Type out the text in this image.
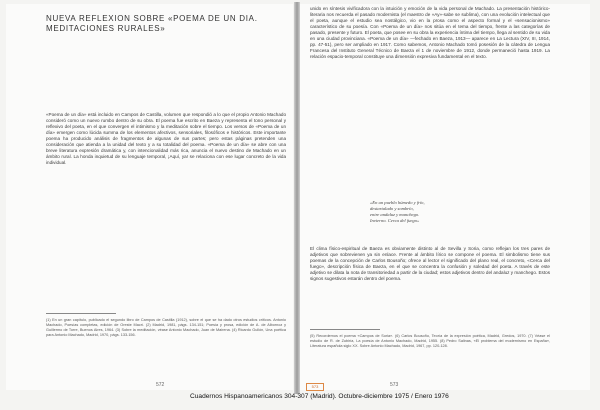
NUEVA REFLEXION SOBRE «POEMA DE UN DIA.
MEDITACIONES RURALES»
«Poema de un día» está incluido en Campos de Castilla, volumen que respondió a lo que el propio Antonio Machado consideró como un nuevo rumbo dentro de su obra. El poema fue escrito en Baeza y representa el tono personal y reflexivo del poeta, en el que convergen el intimismo y la meditación sobre el tiempo. Los versos de «Poema de un día» emergen como lúcida summa de los elementos afectivos, sensoriales, filosóficos e históricos. Este importante poema ha producido análisis de fragmentos de algunas de sus partes; pero estas páginas pretenden una consideración que atienda a la unidad del texto y a su totalidad del poema. «Poema de un día» se abre con una breve literatura expresión dramática y, con intencionalidad más rica, anuncia el nuevo destino de Machado en un ámbito rural. La honda inquietud de su lenguaje temporal, ¡Aquí, ya! se relaciona con ese lugar concreto de la vida individual.
(1) En un gran capítulo, publicado el segundo libro de Campos de Castilla (1912), sobre el que se ha dado otros estudios críticos. Antonio Machado, Poesías completas, edición de Oreste Macrí. (2) Madrid, 1981, págs. 134-151; Poesía y prosa, edición de A. de Albornoz y Guillermo de Torre, Buenos Aires, 1964. (3) Sobre la meditación, véase Antonio Machado, Juan de Mairena. (4) Ricardo Gullón, Una poética para Antonio Machado, Madrid, 1970, págs. 133-156.
572
unido en síntesis vivificadora con la intuición y emoción de la vida personal de Machado. La presentación histórico-literaria nos recuerda el pasado modernista (el maestro de «Ay»-sabe se sublima), con una evolución intelectual que el poeta, aunque el estudio sea nostálgico, vio en la prosa como el aspecto formal y el «sensacionismo» característico de su poesía. Con «Poema de un día» nos sitúa en el tema del tiempo, frente a las categorías de pasado, presente y futuro. El poeta, que posee en su obra la experiencia íntima del tiempo, llega al sentido de su vida en una ciudad provinciana. «Poema de un día» —fechado en Baeza, 1913— aparece en La Lectura (XIV, III, 1914, pp. 47-51), pero ser ampliado en 1917. Como sabemos, Antonio Machado tomó posesión de la cátedra de Lengua Francesa del Instituto General Técnico de Baeza el 1 de noviembre de 1912, donde permaneció hasta 1919. La relación espacio-temporal constituye una dimensión expresiva fundamental en el texto.
«En un pueblo húmedo y frío,
destartalado y sombrío,
entre andaluz y manchego.
Invierno. Cerca del fuego»
El clima físico-espiritual de Baeza es obviamente distinto al de Sevilla y Soria, como reflejan los tres pares de adjetivos que sobrevienen ya sin enlace. Frente al ámbito lírico se compone el poema. El simbolismo tiene sus poemas de la concepción de Carlos Bousoño; ofrece al lector el significado del plano real, el concreto, «Cerca del fuego», descripción física de Baeza, en el que se concentra la confusión y soledad del poeta. A través de este adjetivo se dilata la nota de transitoriedad a partir de la ciudad; estos adjetivos dentro del andaluz y manchego. Estos signos sugestivos estarán dentro del poema.
(5) Recordemos el poema «Campos de Soria». (6) Carlos Bousoño, Teoría de la expresión poética, Madrid, Gredos, 1970. (7) Véase el estudio de R. de Zubiría, La poesía de Antonio Machado, Madrid, 1955. (8) Pedro Salinas, «El problema del modernismo en España», Literatura española siglo XX. Sobre Antonio Machado, Madrid, 1967, pp. 120-128.
573
573
Cuadernos Hispanoamericanos 304-307 (Madrid). Octubre-diciembre 1975 / Enero 1976
